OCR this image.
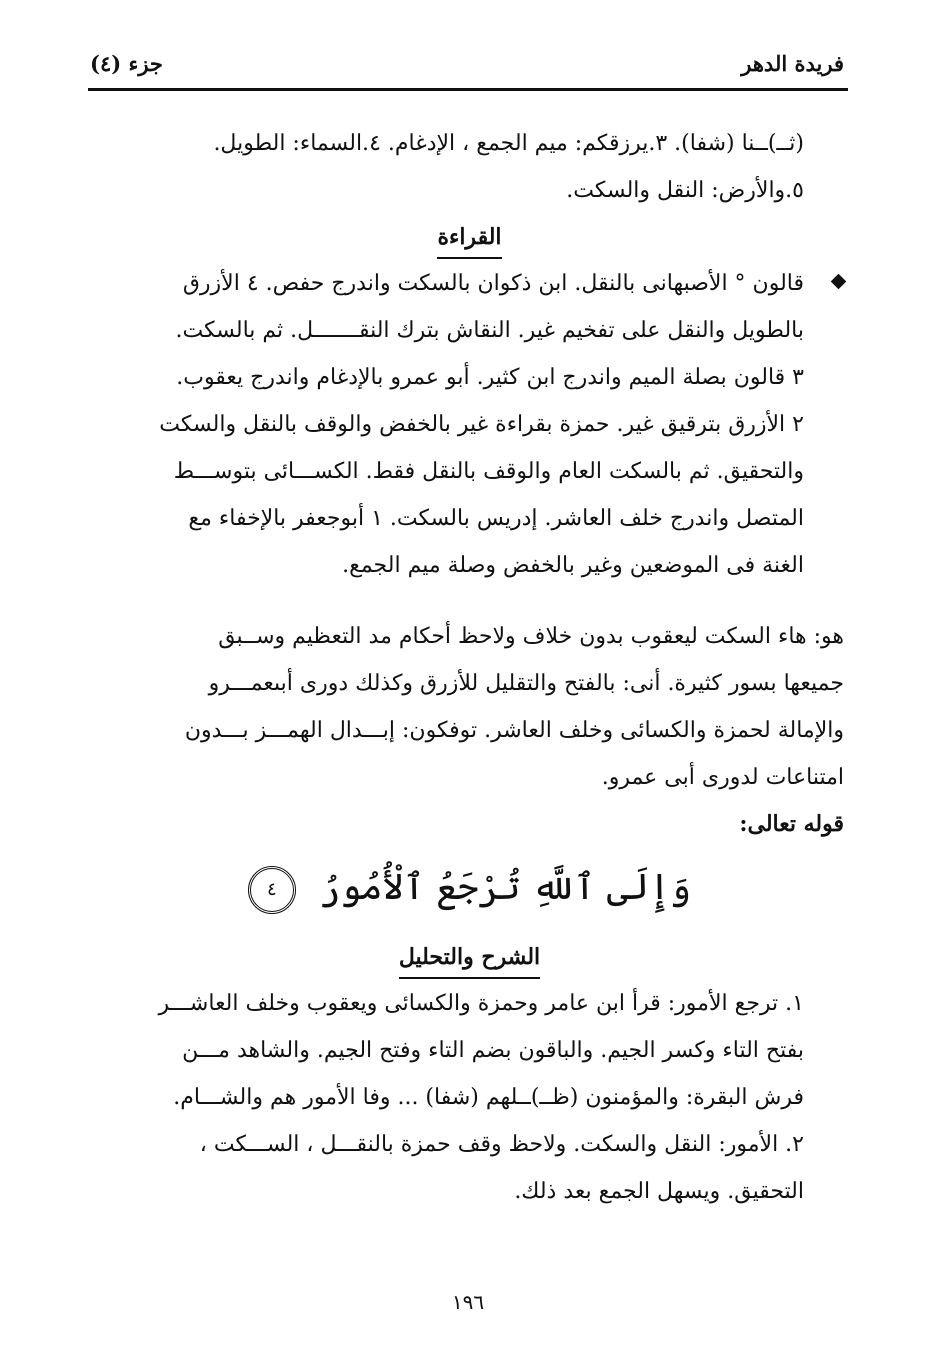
فريدة الدهر
جزء (٤)

(ثــ)ــنا (شفا). ٣.يرزقكم: ميم الجمع ، الإدغام. ٤.السماء: الطويل.
٥.والأرض: النقل والسكت.

القراءة

قالون ° الأصبهانى بالنقل. ابن ذكوان بالسكت واندرج حفص. ٤ الأزرق
بالطويل والنقل على تفخيم غير. النقاش بترك النقـــــــل. ثم بالسكت.
٣ قالون بصلة الميم واندرج ابن كثير. أبو عمرو بالإدغام واندرج يعقوب.
٢ الأزرق بترقيق غير. حمزة بقراءة غير بالخفض والوقف بالنقل والسكت
والتحقيق. ثم بالسكت العام والوقف بالنقل فقط. الكســـائى بتوســـط
المتصل واندرج خلف العاشر. إدريس بالسكت. ١ أبوجعفر بالإخفاء مع
الغنة فى الموضعين وغير بالخفض وصلة ميم الجمع.
هو: هاء السكت ليعقوب بدون خلاف ولاحظ أحكام مد التعظيم وســبق
جميعها بسور كثيرة. أنى: بالفتح والتقليل للأزرق وكذلك دورى أبىعمـــرو
والإمالة لحمزة والكسائى وخلف العاشر. توفكون: إبـــدال الهمـــز بـــدون
امتناعات لدورى أبى عمرو.

قوله تعالى:

وَإِلَى ٱللَّهِ تُرْجَعُ ٱلْأُمُورُ ٤

الشرح والتحليل

١. ترجع الأمور: قرأ ابن عامر وحمزة والكسائى ويعقوب وخلف العاشـــر
بفتح التاء وكسر الجيم. والباقون بضم التاء وفتح الجيم. والشاهد مـــن
فرش البقرة: والمؤمنون (ظــ)ــلهم (شفا) ... وفا الأمور هم والشـــام.
٢. الأمور: النقل والسكت. ولاحظ وقف حمزة بالنقـــل ، الســـكت ،
التحقيق. ويسهل الجمع بعد ذلك.
١٩٦
